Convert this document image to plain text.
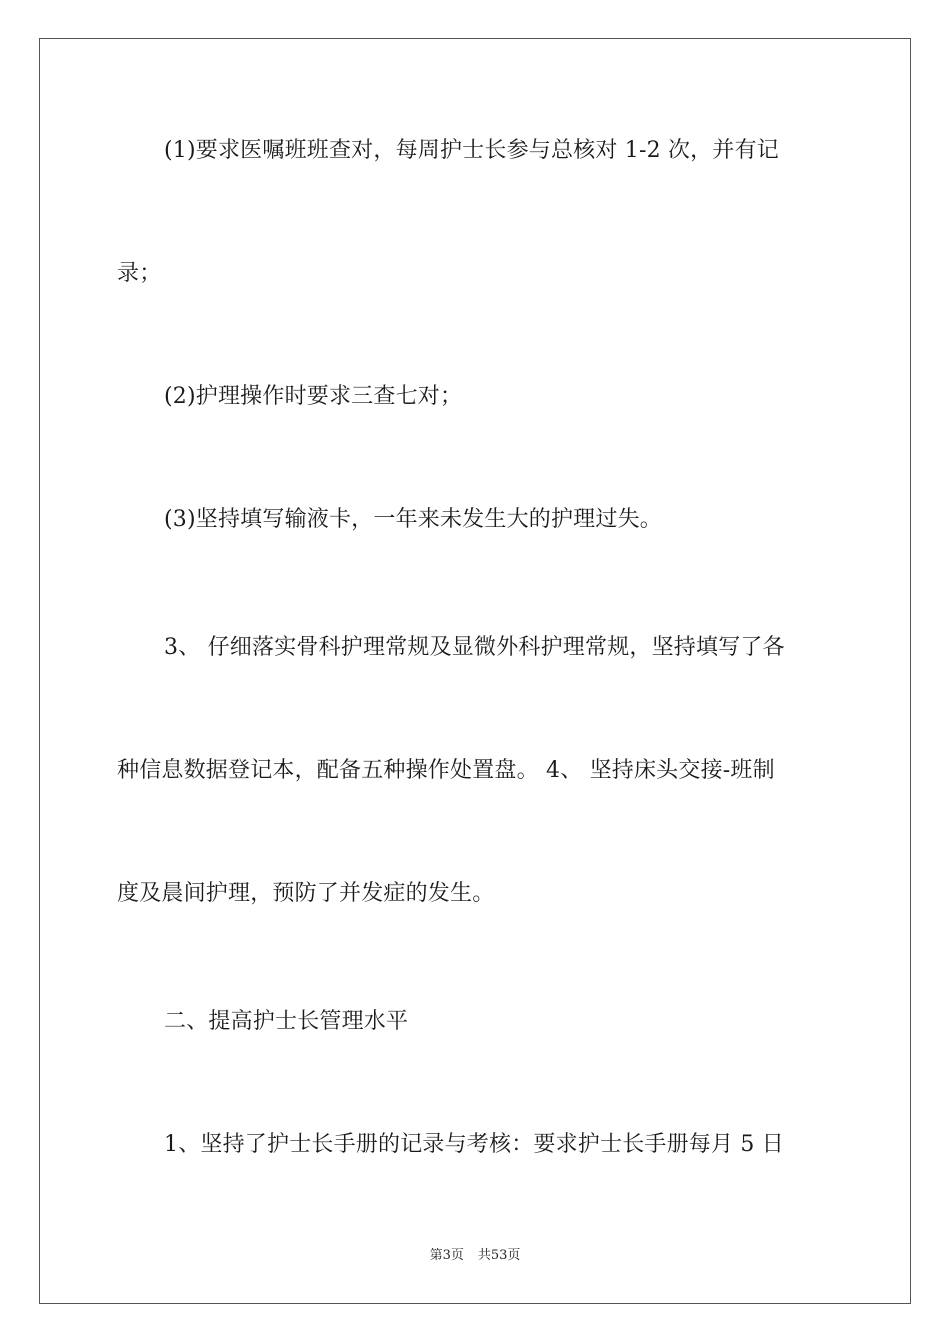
(1)要求医嘱班班查对，每周护士长参与总核对 1-2 次，并有记
录；
(2)护理操作时要求三查七对；
(3)坚持填写输液卡，一年来未发生大的护理过失。
3、 仔细落实骨科护理常规及显微外科护理常规，坚持填写了各
种信息数据登记本，配备五种操作处置盘。 4、 坚持床头交接-班制
度及晨间护理，预防了并发症的发生。
二、提高护士长管理水平
1、坚持了护士长手册的记录与考核：要求护士长手册每月 5 日
第3页 共53页
